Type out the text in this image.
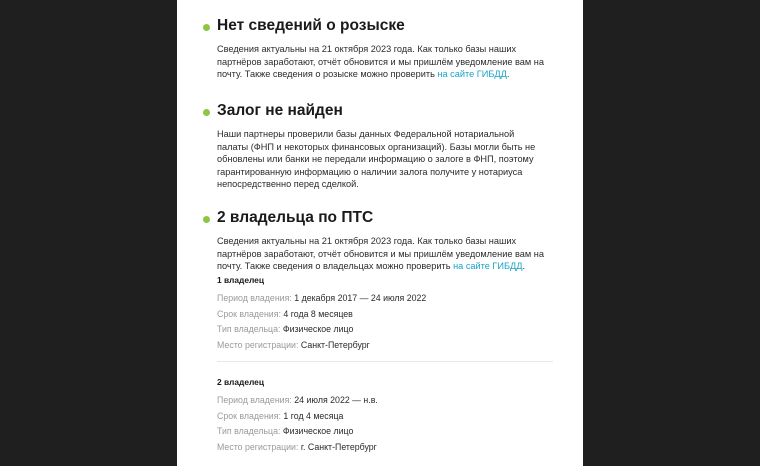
Нет сведений о розыске
Сведения актуальны на 21 октября 2023 года. Как только базы наших партнёров заработают, отчёт обновится и мы пришлём уведомление вам на почту. Также сведения о розыске можно проверить на сайте ГИБДД.
Залог не найден
Наши партнеры проверили базы данных Федеральной нотариальной палаты (ФНП и некоторых финансовых организаций). Базы могли быть не обновлены или банки не передали информацию о залоге в ФНП, поэтому гарантированную информацию о наличии залога получите у нотариуса непосредственно перед сделкой.
2 владельца по ПТС
Сведения актуальны на 21 октября 2023 года. Как только базы наших партнёров заработают, отчёт обновится и мы пришлём уведомление вам на почту. Также сведения о владельцах можно проверить на сайте ГИБДД.
1 владелец
Период владения: 1 декабря 2017 — 24 июля 2022
Срок владения: 4 года 8 месяцев
Тип владельца: Физическое лицо
Место регистрации: Санкт-Петербург
2 владелец
Период владения: 24 июля 2022 — н.в.
Срок владения: 1 год 4 месяца
Тип владельца: Физическое лицо
Место регистрации: г. Санкт-Петербург
